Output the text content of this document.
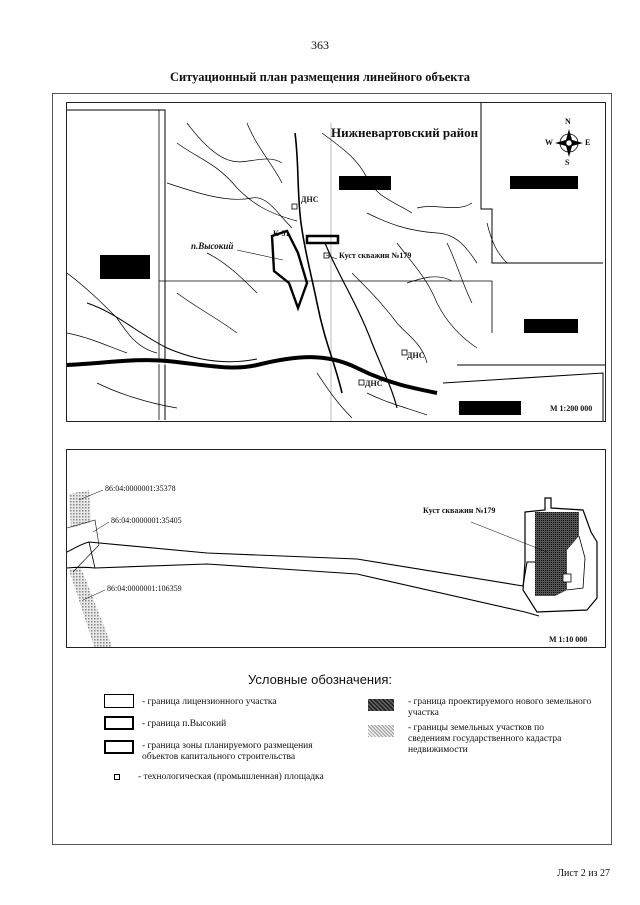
363
Ситуационный план размещения линейного объекта
Нижневартовский район
п.Высокий
К-31
ДНС
ДНС
ДНС
Куст скважин №179
N
S
W	E
М 1:200 000
86:04:0000001:35378
86:04:0000001:35405
86:04:0000001:106359
Куст скважин №179
М 1:10 000
Условные обозначения:
- граница лицензионного участка
- граница п.Высокий
- граница зоны планируемого размещения объектов капитального строительства
- технологическая (промышленная) площадка
- граница проектируемого нового земельного участка
- границы земельных участков по сведениям государственного кадастра недвижимости
Лист 2 из 27
